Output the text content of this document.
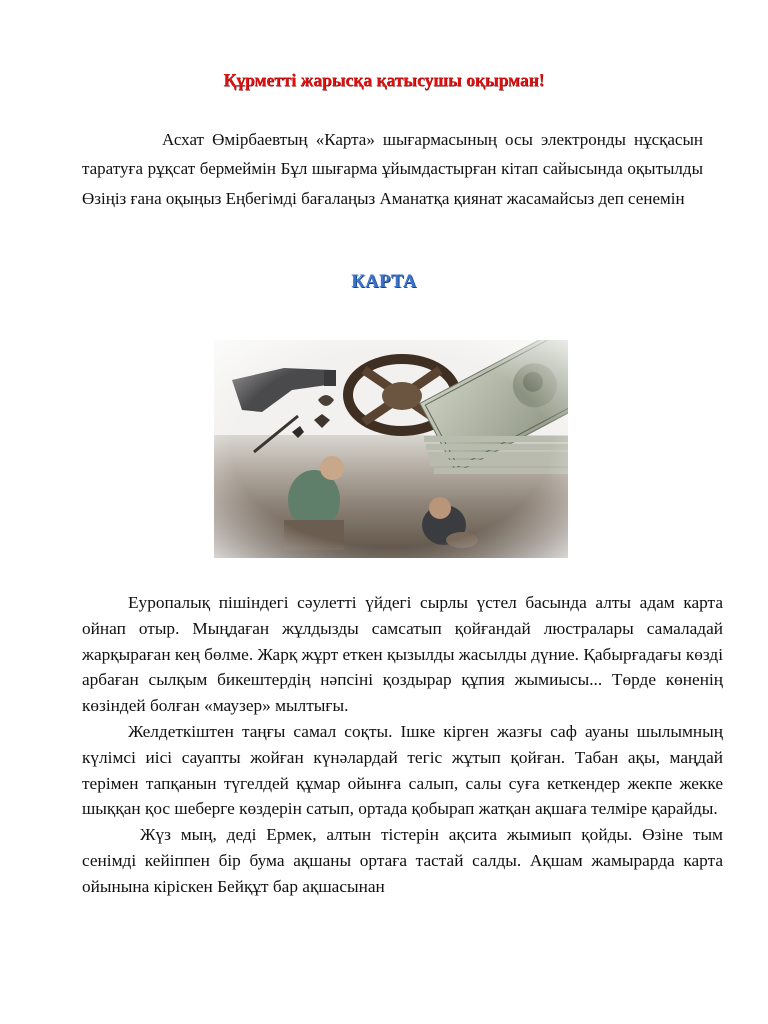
Құрметті жарысқа қатысушы оқырман!
Асхат Өмірбаевтың «Карта» шығармасының осы электронды нұсқасын таратуға рұқсат бермеймін Бұл шығарма ұйымдастырған кітап сайысында оқытылды Өзіңіз ғана оқыңыз Еңбегімді бағалаңыз Аманатқа қиянат жасамайсыз деп сенемін
КАРТА

Еуропалық пішіндегі сәулетті үйдегі сырлы үстел басында алты адам карта ойнап отыр. Мыңдаған жұлдызды самсатып қойғандай люстралары самаладай жарқыраған кең бөлме. Жарқ жұрт еткен қызылды жасылды дүние. Қабырғадағы көзді арбаған сылқым бикештердің нәпсіні қоздырар құпия жымиысы... Төрде көненің көзіндей болған «маузер» мылтығы.

Желдеткіштен таңғы самал соқты. Ішке кірген жазғы саф ауаны шылымның күлімсі иісі сауапты жойған күнәлардай тегіс жұтып қойған. Табан ақы, маңдай терімен тапқанын түгелдей құмар ойынға салып, салы суға кеткендер жекпе жекке шыққан қос шеберге көздерін сатып, ортада қобырап жатқан ақшаға телміре қарайды.

Жүз мың, деді Ермек, алтын тістерін ақсита жымиып қойды. Өзіне тым сенімді кейіппен бір бума ақшаны ортаға тастай салды. Ақшам жамырарда карта ойынына кіріскен Бейқұт бар ақшасынан
